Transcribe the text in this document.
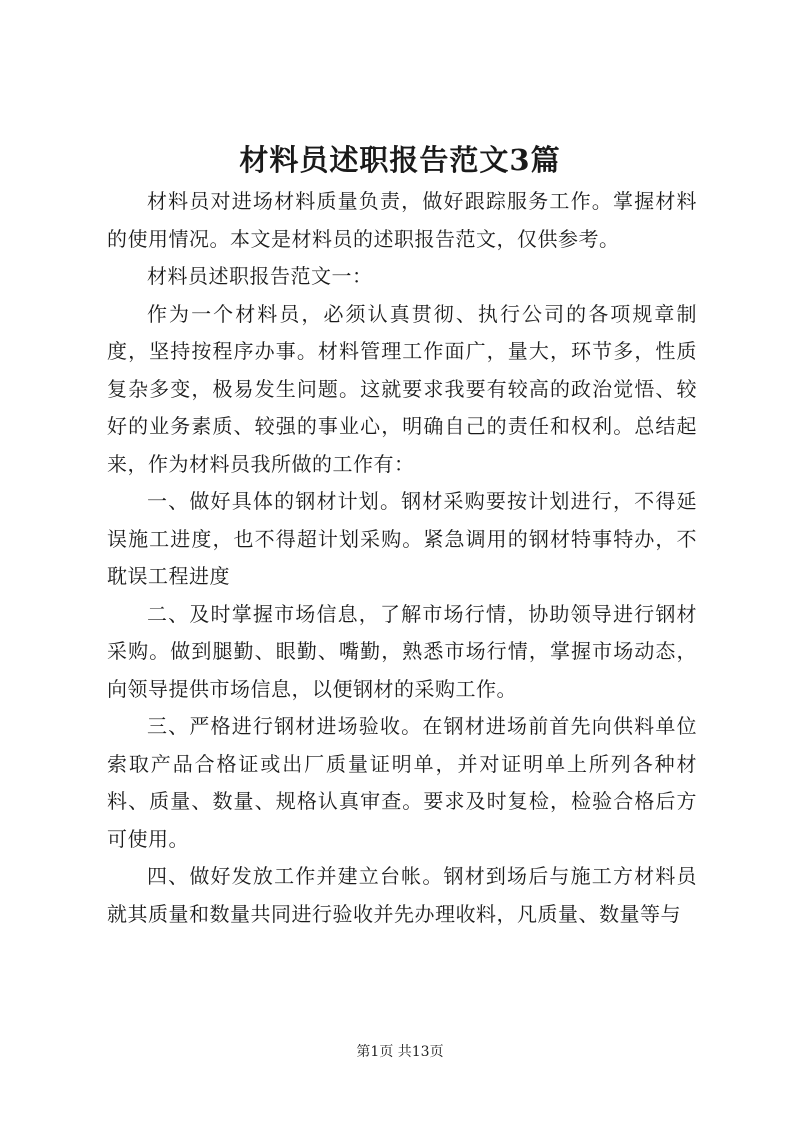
材料员述职报告范文3篇

材料员对进场材料质量负责，做好跟踪服务工作。掌握材料的使用情况。本文是材料员的述职报告范文，仅供参考。

材料员述职报告范文一：

作为一个材料员，必须认真贯彻、执行公司的各项规章制度，坚持按程序办事。材料管理工作面广，量大，环节多，性质复杂多变，极易发生问题。这就要求我要有较高的政治觉悟、较好的业务素质、较强的事业心，明确自己的责任和权利。总结起来，作为材料员我所做的工作有：

一、做好具体的钢材计划。钢材采购要按计划进行，不得延误施工进度，也不得超计划采购。紧急调用的钢材特事特办，不耽误工程进度

二、及时掌握市场信息，了解市场行情，协助领导进行钢材采购。做到腿勤、眼勤、嘴勤，熟悉市场行情，掌握市场动态，向领导提供市场信息，以便钢材的采购工作。

三、严格进行钢材进场验收。在钢材进场前首先向供料单位索取产品合格证或出厂质量证明单，并对证明单上所列各种材料、质量、数量、规格认真审查。要求及时复检，检验合格后方可使用。

四、做好发放工作并建立台帐。钢材到场后与施工方材料员就其质量和数量共同进行验收并先办理收料，凡质量、数量等与

第1页 共13页
